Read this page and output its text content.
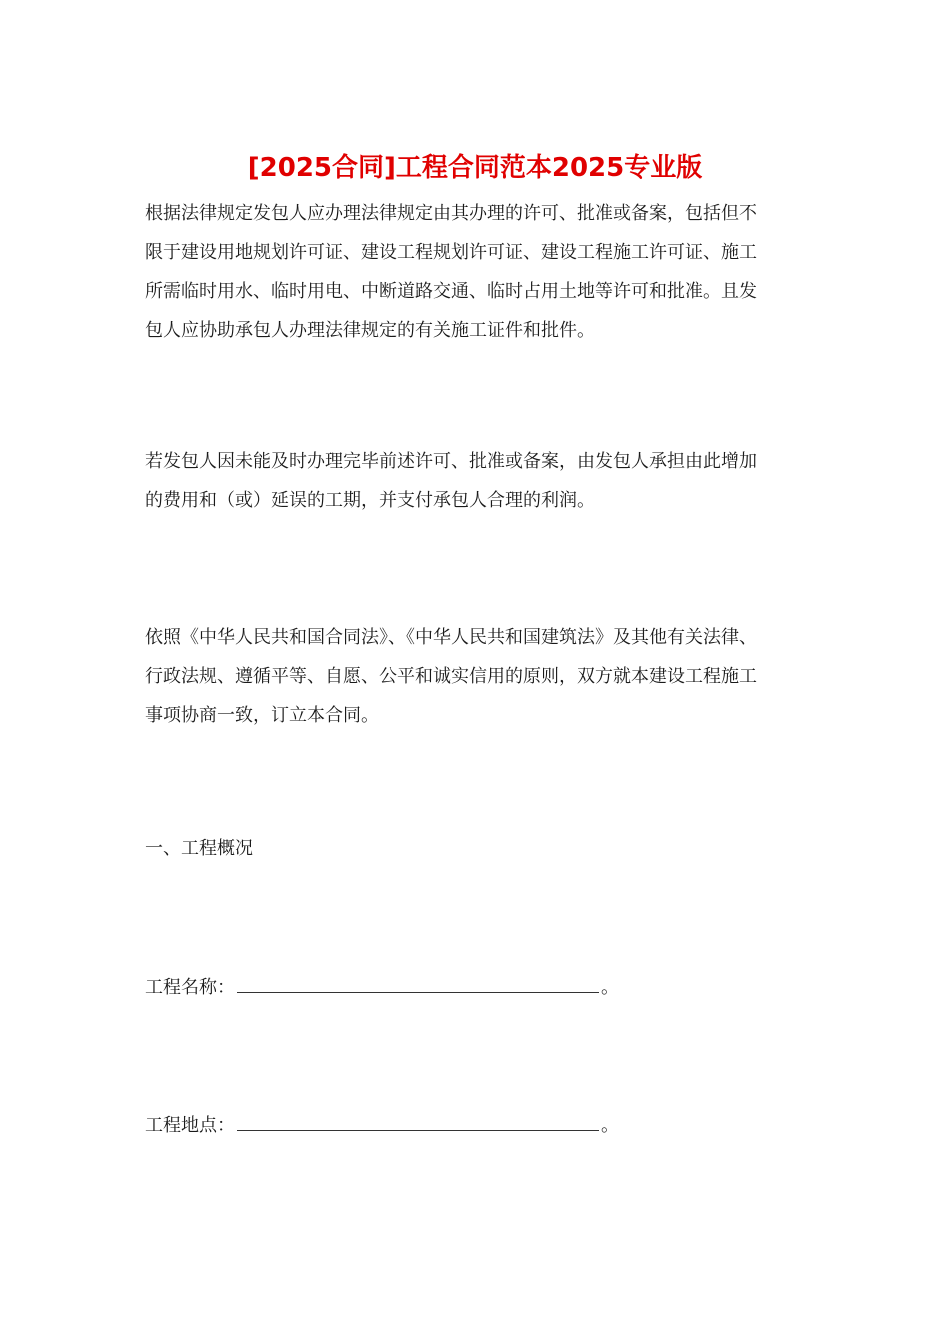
[2025合同]工程合同范本2025专业版

根据法律规定发包人应办理法律规定由其办理的许可、批准或备案，包括但不
限于建设用地规划许可证、建设工程规划许可证、建设工程施工许可证、施工
所需临时用水、临时用电、中断道路交通、临时占用土地等许可和批准。且发
包人应协助承包人办理法律规定的有关施工证件和批件。

若发包人因未能及时办理完毕前述许可、批准或备案，由发包人承担由此增加
的费用和（或）延误的工期，并支付承包人合理的利润。

依照《中华人民共和国合同法》、《中华人民共和国建筑法》及其他有关法律、
行政法规、遵循平等、自愿、公平和诚实信用的原则，双方就本建设工程施工
事项协商一致，订立本合同。

一、工程概况
工程名称：	。
工程地点：	。
